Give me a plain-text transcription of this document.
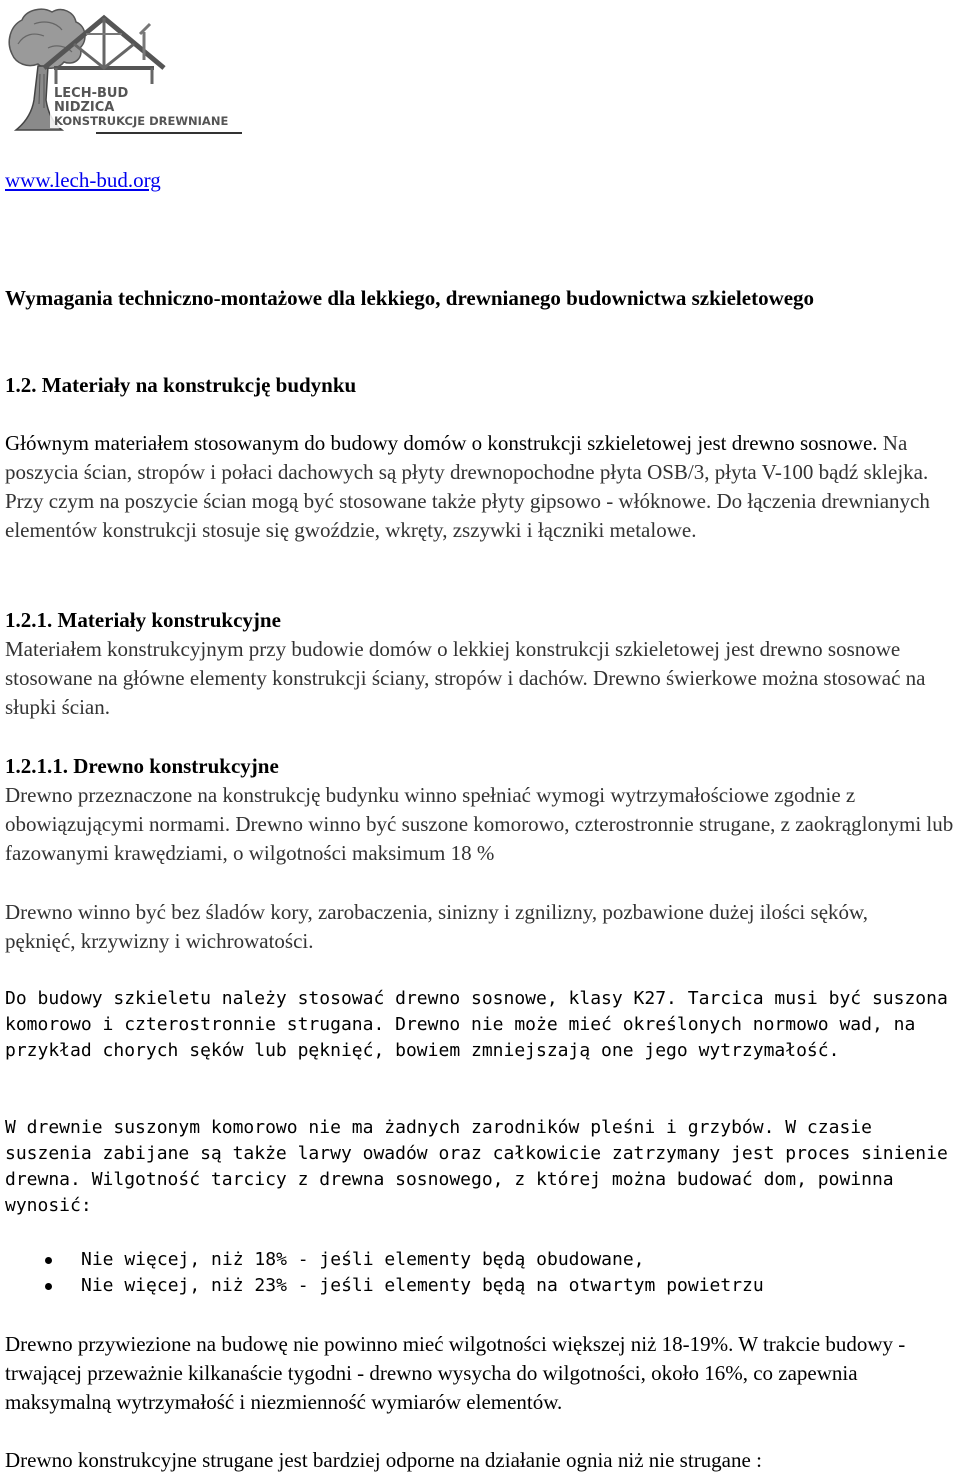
LECH-BUD
NIDZICA
KONSTRUKCJE DREWNIANE
www.lech-bud.org

Wymagania techniczno-montażowe dla lekkiego, drewnianego budownictwa szkieletowego

1.2. Materiały na konstrukcję budynku

Głównym materiałem stosowanym do budowy domów o konstrukcji szkieletowej jest drewno sosnowe. Na poszycia ścian, stropów i połaci dachowych są płyty drewnopochodne płyta OSB/3, płyta V-100 bądź sklejka. Przy czym na poszycie ścian mogą być stosowane także płyty gipsowo - włóknowe. Do łączenia drewnianych elementów konstrukcji stosuje się gwoździe, wkręty, zszywki i łączniki metalowe.

1.2.1. Materiały konstrukcyjne
Materiałem konstrukcyjnym przy budowie domów o lekkiej konstrukcji szkieletowej jest drewno sosnowe stosowane na główne elementy konstrukcji ściany, stropów i dachów. Drewno świerkowe można stosować na słupki ścian.
1.2.1.1. Drewno konstrukcyjne
Drewno przeznaczone na konstrukcję budynku winno spełniać wymogi wytrzymałościowe zgodnie z obowiązującymi normami. Drewno winno być suszone komorowo, czterostronnie strugane, z zaokrąglonymi lub fazowanymi krawędziami, o wilgotności maksimum 18 %

Drewno winno być bez śladów kory, zarobaczenia, sinizny i zgnilizny, pozbawione dużej ilości sęków, pęknięć, krzywizny i wichrowatości.

Do budowy szkieletu należy stosować drewno sosnowe, klasy K27. Tarcica musi być suszona komorowo i czterostronnie strugana. Drewno nie może mieć określonych normowo wad, na przykład chorych sęków lub pęknięć, bowiem zmniejszają one jego wytrzymałość.

W drewnie suszonym komorowo nie ma żadnych zarodników pleśni i grzybów. W czasie suszenia zabijane są także larwy owadów oraz całkowicie zatrzymany jest proces sinienie drewna. Wilgotność tarcicy z drewna sosnowego, z której można budować dom, powinna wynosić:

Nie więcej, niż 18% - jeśli elementy będą obudowane,
Nie więcej, niż 23% - jeśli elementy będą na otwartym powietrzu

Drewno przywiezione na budowę nie powinno mieć wilgotności większej niż 18-19%. W trakcie budowy - trwającej przeważnie kilkanaście tygodni - drewno wysycha do wilgotności, około 16%, co zapewnia maksymalną wytrzymałość i niezmienność wymiarów elementów.

Drewno konstrukcyjne strugane jest bardziej odporne na działanie ognia niż nie strugane :
